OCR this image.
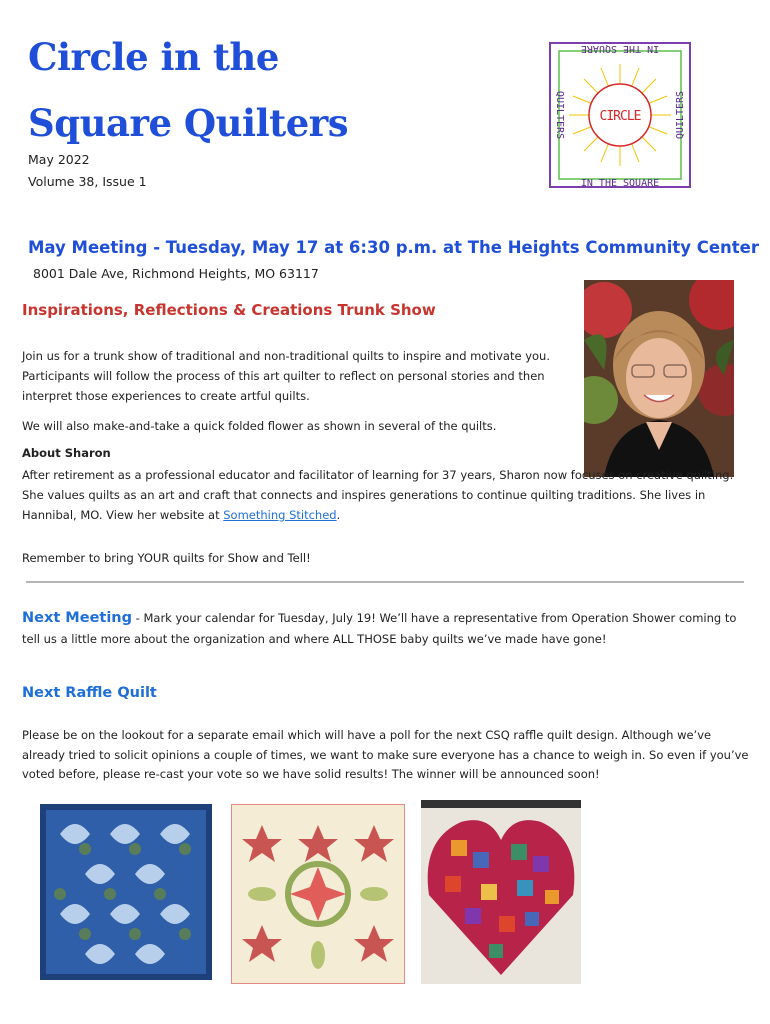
Circle in the
Square Quilters
May 2022
Volume 38, Issue 1
IN THE SQUARE
IN THE SQUARE
QUILTERS	QUILTERS
CIRCLE
May Meeting - Tuesday, May 17 at 6:30 p.m. at The Heights Community Center
8001 Dale Ave, Richmond Heights, MO 63117
Inspirations, Reflections & Creations Trunk Show
Join us for a trunk show of traditional and non-traditional quilts to inspire and motivate you. Participants will follow the process of this art quilter to reflect on personal stories and then interpret those experiences to create artful quilts.
We will also make-and-take a quick folded flower as shown in several of the quilts.
About Sharon
After retirement as a professional educator and facilitator of learning for 37 years, Sharon now focuses on creative quilting. She values quilts as an art and craft that connects and inspires generations to continue quilting traditions. She lives in Hannibal, MO. View her website at Something Stitched.
Remember to bring YOUR quilts for Show and Tell!
Next Meeting - Mark your calendar for Tuesday, July 19! We’ll have a representative from Operation Shower coming to tell us a little more about the organization and where ALL THOSE baby quilts we’ve made have gone!
Next Raffle Quilt
Please be on the lookout for a separate email which will have a poll for the next CSQ raffle quilt design. Although we’ve already tried to solicit opinions a couple of times, we want to make sure everyone has a chance to weigh in. So even if you’ve voted before, please re-cast your vote so we have solid results! The winner will be announced soon!
